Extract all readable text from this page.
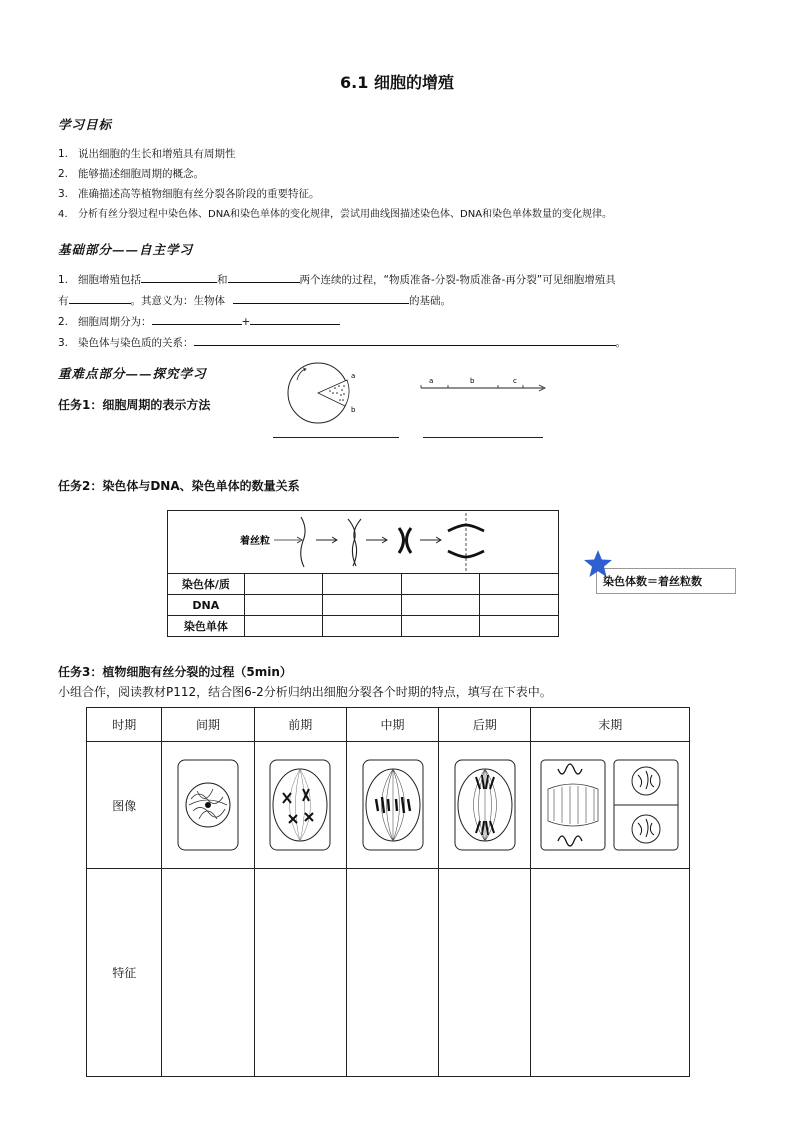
6.1 细胞的增殖
学习目标
1. 说出细胞的生长和增殖具有周期性
2. 能够描述细胞周期的概念。
3. 准确描述高等植物细胞有丝分裂各阶段的重要特征。
4. 分析有丝分裂过程中染色体、DNA和染色单体的变化规律，尝试用曲线图描述染色体、DNA和染色单体数量的变化规律。
基础部分——自主学习
1. 细胞增殖包括	和	两个连续的过程，“物质准备-分裂-物质准备-再分裂”可见细胞增殖具
有	。其意义为：生物体	的基础。
2. 细胞周期分为：	+
3. 染色体与染色质的关系：	。
重难点部分——探究学习
任务1：细胞周期的表示方法
a
b
a	b	c
任务2：染色体与DNA、染色单体的数量关系
着丝粒				

染色体/质				
DNA				
染色单体				
染色体数＝着丝粒数
任务3：植物细胞有丝分裂的过程（5min）
小组合作，阅读教材P112，结合图6-2分析归纳出细胞分裂各个时期的特点，填写在下表中。
时期	间期	前期	中期	后期	末期
图像	

特征					
